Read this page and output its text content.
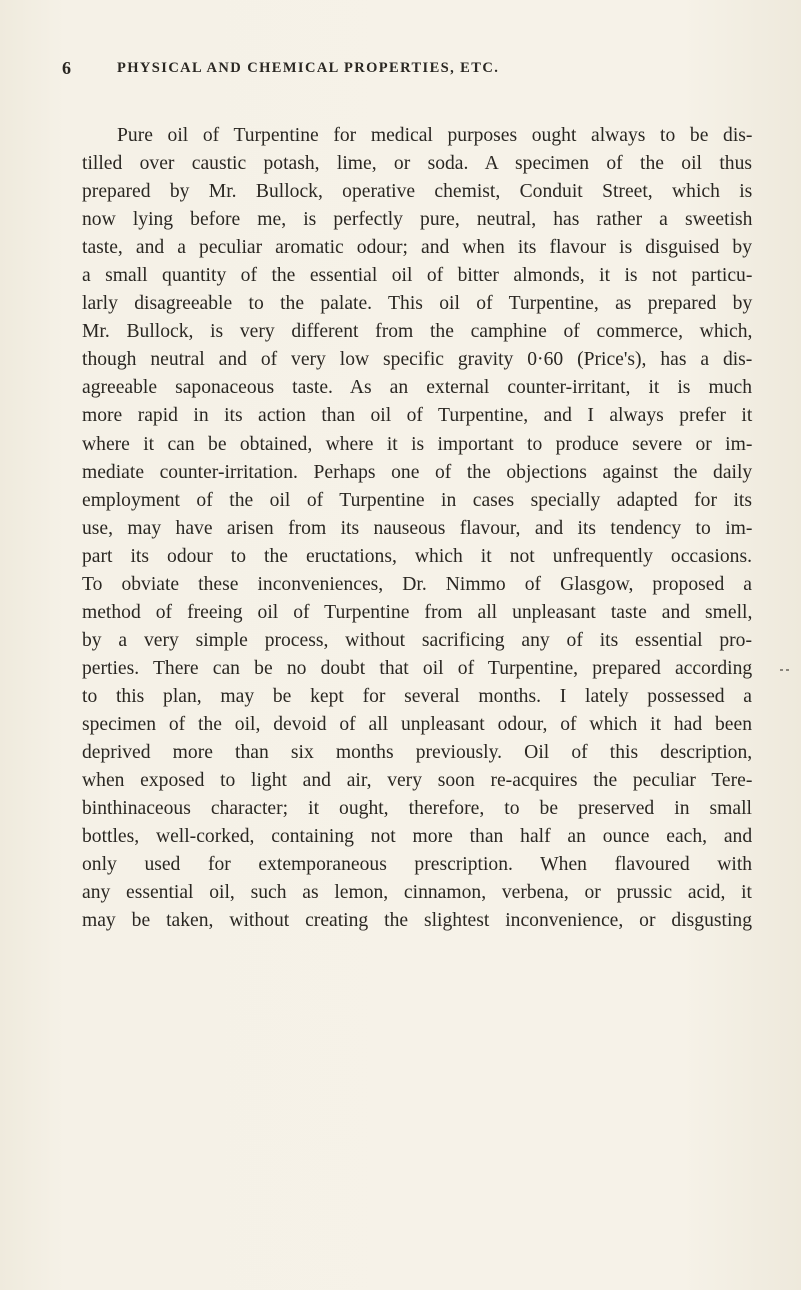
6	PHYSICAL AND CHEMICAL PROPERTIES, ETC.
Pure oil of Turpentine for medical purposes ought always to be dis-
tilled over caustic potash, lime, or soda. A specimen of the oil thus
prepared by Mr. Bullock, operative chemist, Conduit Street, which is
now lying before me, is perfectly pure, neutral, has rather a sweetish
taste, and a peculiar aromatic odour; and when its flavour is disguised by
a small quantity of the essential oil of bitter almonds, it is not particu-
larly disagreeable to the palate. This oil of Turpentine, as prepared by
Mr. Bullock, is very different from the camphine of commerce, which,
though neutral and of very low specific gravity 0·60 (Price's), has a dis-
agreeable saponaceous taste. As an external counter-irritant, it is much
more rapid in its action than oil of Turpentine, and I always prefer it
where it can be obtained, where it is important to produce severe or im-
mediate counter-irritation. Perhaps one of the objections against the daily
employment of the oil of Turpentine in cases specially adapted for its
use, may have arisen from its nauseous flavour, and its tendency to im-
part its odour to the eructations, which it not unfrequently occasions.
To obviate these inconveniences, Dr. Nimmo of Glasgow, proposed a
method of freeing oil of Turpentine from all unpleasant taste and smell,
by a very simple process, without sacrificing any of its essential pro-
perties. There can be no doubt that oil of Turpentine, prepared according
to this plan, may be kept for several months. I lately possessed a
specimen of the oil, devoid of all unpleasant odour, of which it had been
deprived more than six months previously. Oil of this description,
when exposed to light and air, very soon re-acquires the peculiar Tere-
binthinaceous character; it ought, therefore, to be preserved in small
bottles, well-corked, containing not more than half an ounce each, and
only used for extemporaneous prescription. When flavoured with
any essential oil, such as lemon, cinnamon, verbena, or prussic acid, it
may be taken, without creating the slightest inconvenience, or disgusting
